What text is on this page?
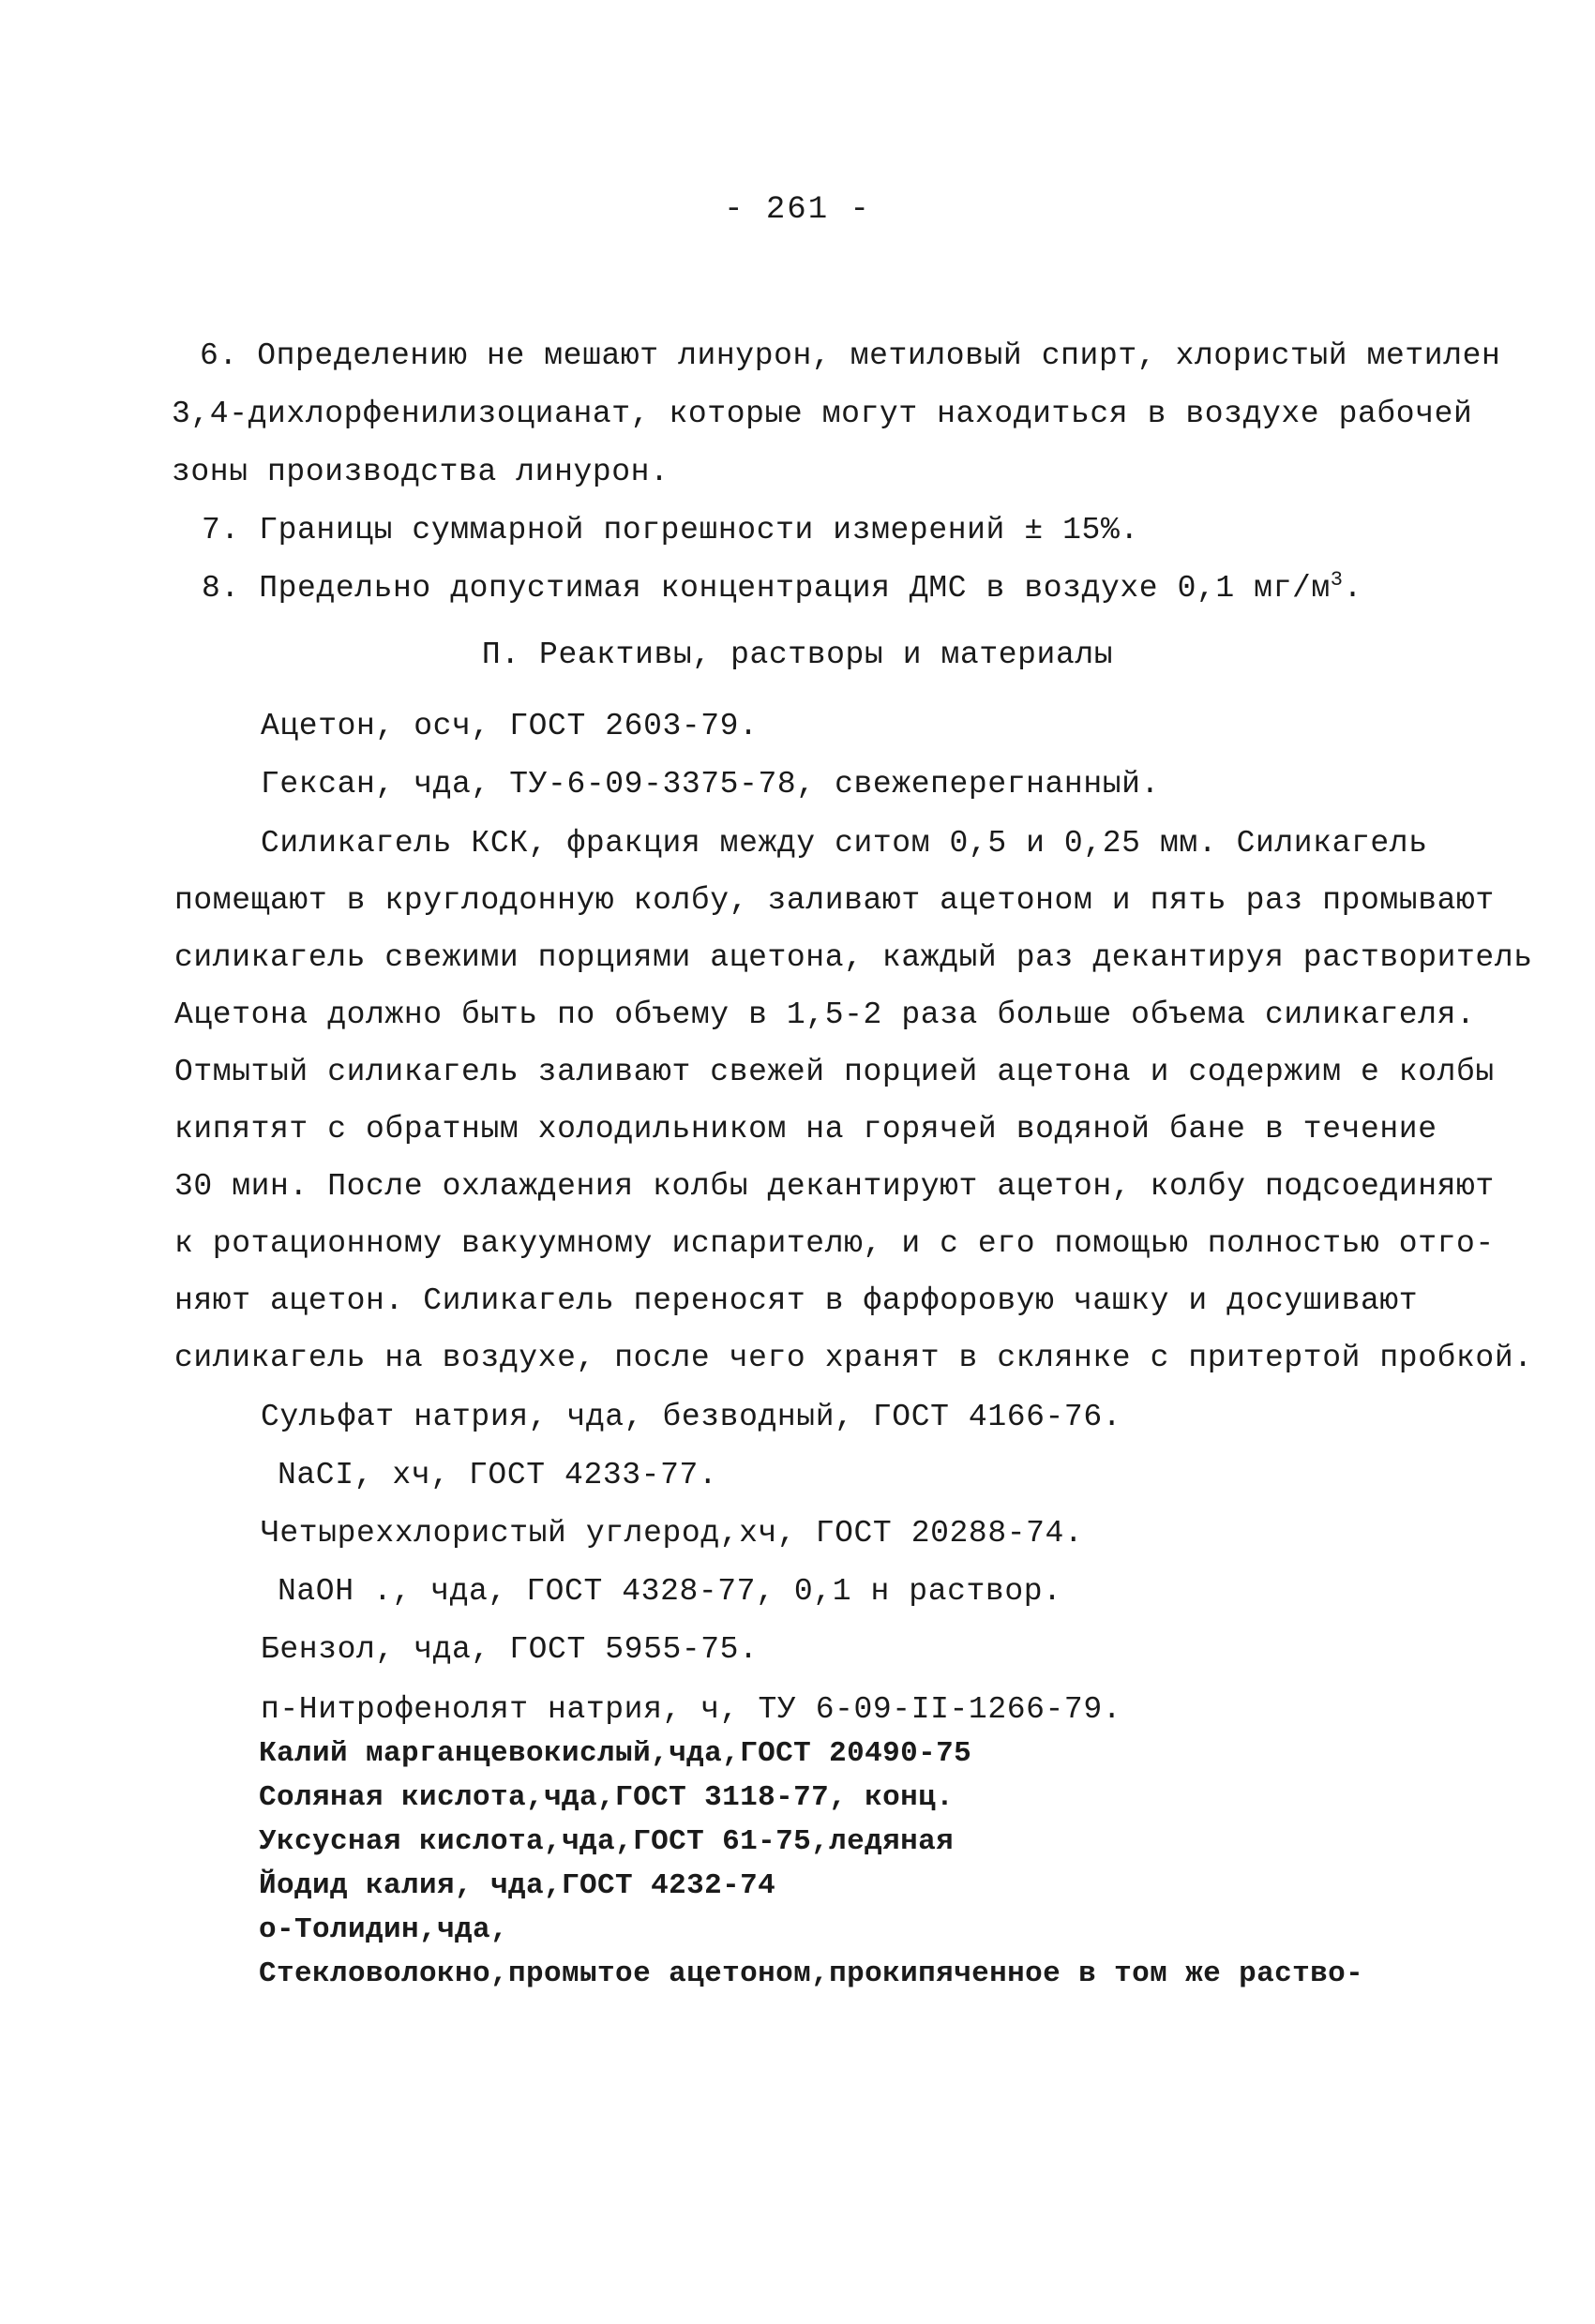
- 261 -
6. Определению не мешают линурон, метиловый спирт, хлористый метилен
3,4-дихлорфенилизоцианат, которые могут находиться в воздухе рабочей
зоны производства линурон.
7. Границы суммарной погрешности измерений ± 15%.
8. Предельно допустимая концентрация ДМС в воздухе 0,1 $мг/м^3$.
П. Реактивы, растворы и материалы
Ацетон, осч, ГОСТ 2603-79.
Гексан, чда, ТУ-6-09-3375-78, свежеперегнанный.
Силикагель КСК, фракция между ситом 0,5 и 0,25 мм. Силикагель
помещают в круглодонную колбу, заливают ацетоном и пять раз промывают
силикагель свежими порциями ацетона, каждый раз декантируя растворитель
Ацетона должно быть по объему в 1,5-2 раза больше объема силикагеля.
Отмытый силикагель заливают свежей порцией ацетона и содержим е колбы
кипятят с обратным холодильником на горячей водяной бане в течение
30 мин. После охлаждения колбы декантируют ацетон, колбу подсоединяют
к ротационному вакуумному испарителю, и с его помощью полностью отго-
няют ацетон. Силикагель переносят в фарфоровую чашку и досушивают
силикагель на воздухе, после чего хранят в склянке с притертой пробкой.
Сульфат натрия, чда, безводный, ГОСТ 4166-76.
NaCI, хч, ГОСТ 4233-77.
Четыреххлористый углерод,хч, ГОСТ 20288-74.
NaOH ., чда, ГОСТ 4328-77, 0,1 н раствор.
Бензол, чда, ГОСТ 5955-75.
п-Нитрофенолят натрия, ч, ТУ 6-09-II-1266-79.
Калий марганцевокислый,чда,ГОСТ 20490-75
Соляная кислота,чда,ГОСТ 3118-77, конц.
Уксусная кислота,чда,ГОСТ 61-75,ледяная
Йодид калия, чда,ГОСТ 4232-74
о-Толидин,чда,
Стекловолокно,промытое ацетоном,прокипяченное в том же раство-
